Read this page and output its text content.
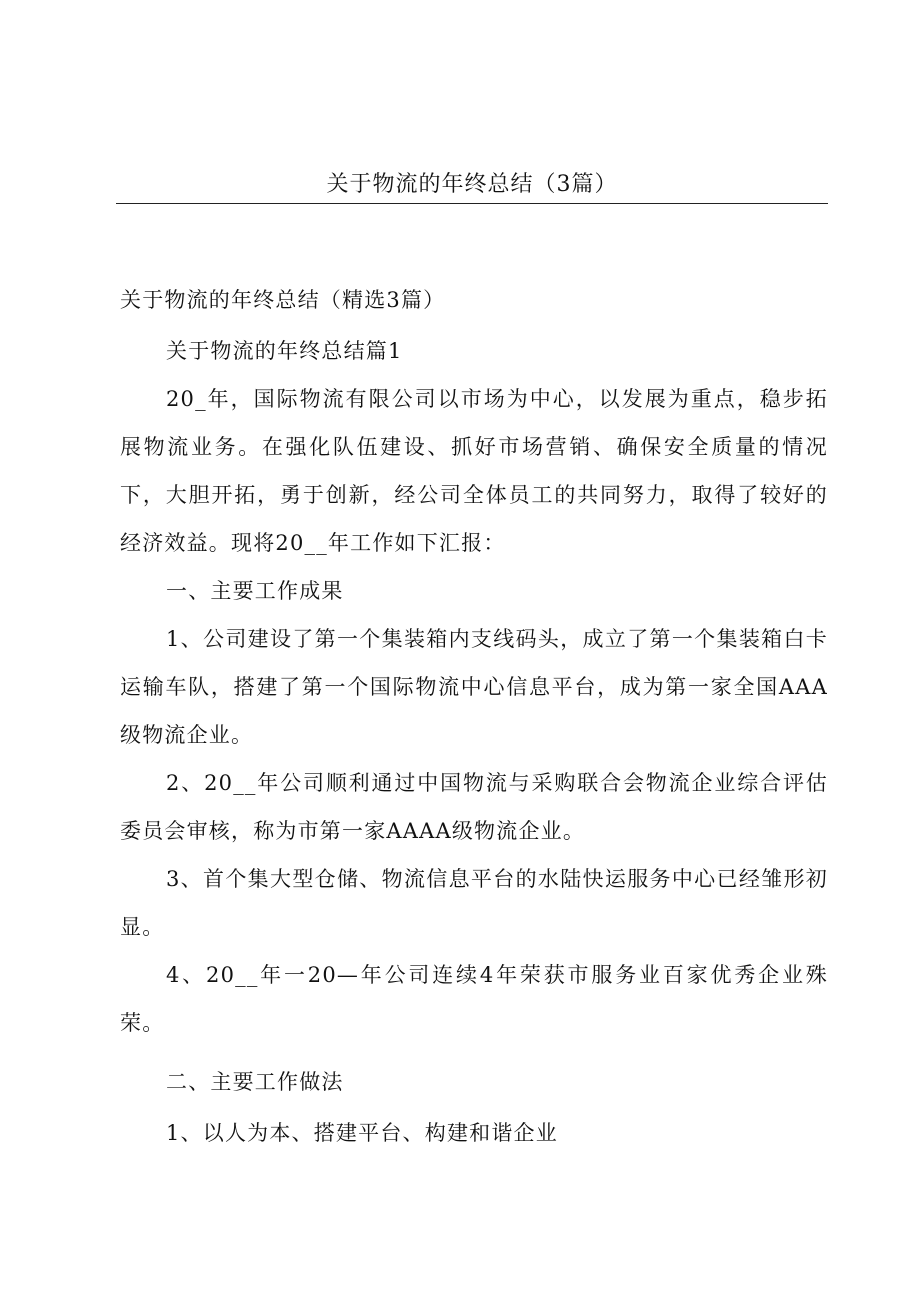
关于物流的年终总结（3篇）

关于物流的年终总结（精选3篇）

关于物流的年终总结篇1

20_年，国际物流有限公司以市场为中心，以发展为重点，稳步拓展物流业务。在强化队伍建设、抓好市场营销、确保安全质量的情况下，大胆开拓，勇于创新，经公司全体员工的共同努力，取得了较好的经济效益。现将20__年工作如下汇报：

一、主要工作成果

1、公司建设了第一个集装箱内支线码头，成立了第一个集装箱白卡运输车队，搭建了第一个国际物流中心信息平台，成为第一家全国AAA级物流企业。

2、20__年公司顺利通过中国物流与采购联合会物流企业综合评估委员会审核，称为市第一家AAAA级物流企业。

3、首个集大型仓储、物流信息平台的水陆快运服务中心已经雏形初显。

4、20__年一20—年公司连续4年荣获市服务业百家优秀企业殊荣。

二、主要工作做法

1、以人为本、搭建平台、构建和谐企业
